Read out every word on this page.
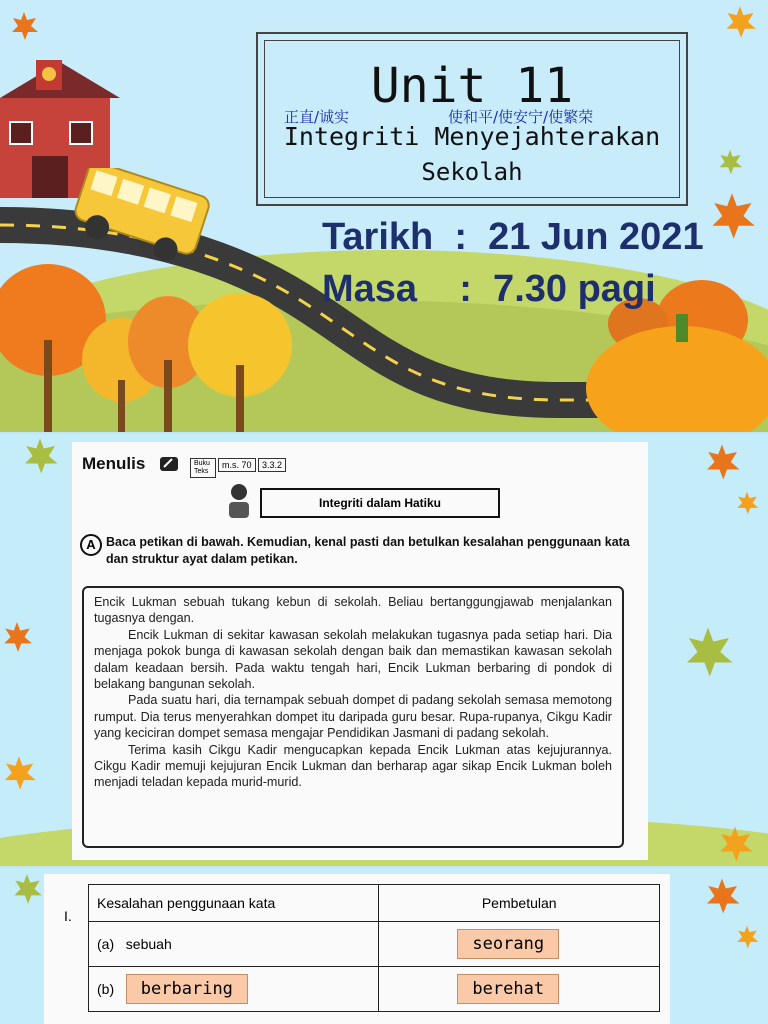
Unit 11
正直/诚实	使和平/使安宁/使繁荣
Integriti Menyejahterakan
Sekolah
Tarikh  :  21 Jun 2021
Masa    :  7.30 pagi
Menulis	Buku Teks
m.s. 70	3.3.2
Integriti dalam Hatiku
A Baca petikan di bawah. Kemudian, kenal pasti dan betulkan kesalahan penggunaan kata dan struktur ayat dalam petikan.

Encik Lukman sebuah tukang kebun di sekolah. Beliau bertanggungjawab menjalankan tugasnya dengan.

Encik Lukman di sekitar kawasan sekolah melakukan tugasnya pada setiap hari. Dia menjaga pokok bunga di kawasan sekolah dengan baik dan memastikan kawasan sekolah dalam keadaan bersih. Pada waktu tengah hari, Encik Lukman berbaring di pondok di belakang bangunan sekolah.

Pada suatu hari, dia ternampak sebuah dompet di padang sekolah semasa memotong rumput. Dia terus menyerahkan dompet itu daripada guru besar. Rupa-rupanya, Cikgu Kadir yang keciciran dompet semasa mengajar Pendidikan Jasmani di padang sekolah.

Terima kasih Cikgu Kadir mengucapkan kepada Encik Lukman atas kejujurannya. Cikgu Kadir memuji kejujuran Encik Lukman dan berharap agar sikap Encik Lukman boleh menjadi teladan kepada murid-murid.

I.
Kesalahan penggunaan kata	Pembetulan
(a) sebuah	seorang
(b) berbaring	berehat
